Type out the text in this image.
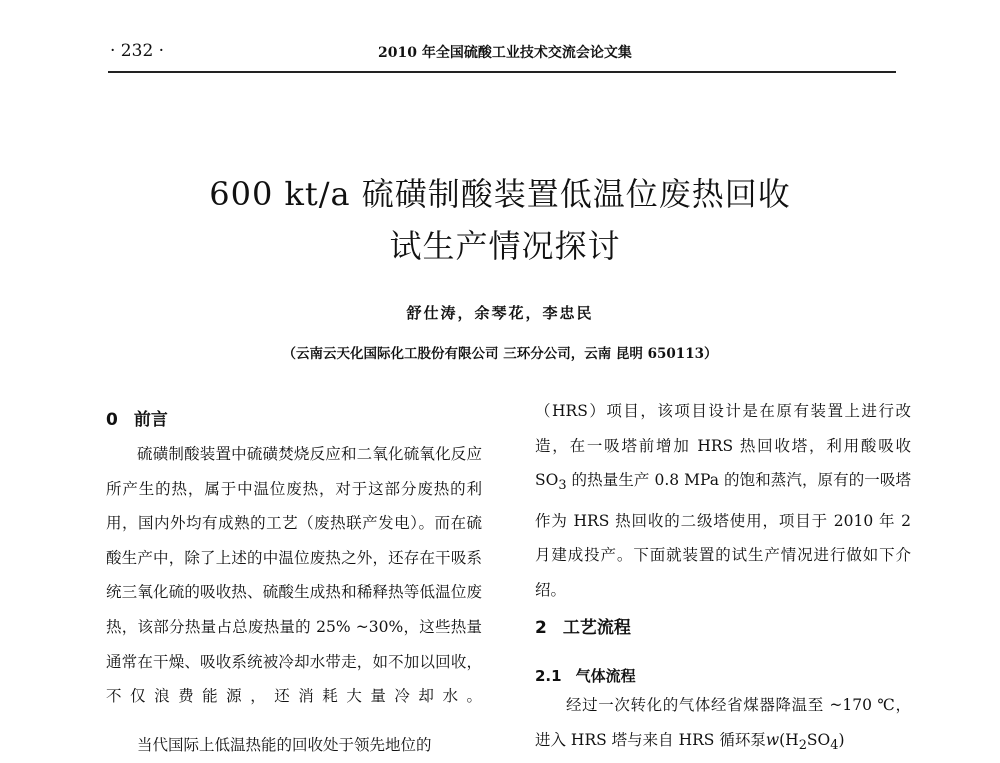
· 232 ·	2010 年全国硫酸工业技术交流会论文集
600 kt/a 硫磺制酸装置低温位废热回收
试生产情况探讨
舒仕涛，余琴花，李忠民
（云南云天化国际化工股份有限公司 三环分公司，云南 昆明 650113）
0 前言
硫磺制酸装置中硫磺焚烧反应和二氧化硫氧化反应所产生的热，属于中温位废热，对于这部分废热的利用，国内外均有成熟的工艺（废热联产发电）。而在硫酸生产中，除了上述的中温位废热之外，还存在干吸系统三氧化硫的吸收热、硫酸生成热和稀释热等低温位废热，该部分热量占总废热量的 25% ~30%，这些热量通常在干燥、吸收系统被冷却水带走，如不加以回收，不仅浪费能源，还消耗大量冷却水。
当代国际上低温热能的回收处于领先地位的
（HRS）项目，该项目设计是在原有装置上进行改造，在一吸塔前增加 HRS 热回收塔，利用酸吸收 $SO_3$ 的热量生产 0.8 MPa 的饱和蒸汽，原有的一吸塔作为 HRS 热回收的二级塔使用，项目于 2010 年 2 月建成投产。下面就装置的试生产情况进行做如下介绍。
2 工艺流程
2.1 气体流程
经过一次转化的气体经省煤器降温至 ~170 ℃，进入 HRS 塔与来自 HRS 循环泵$w(H_2SO_4)$
